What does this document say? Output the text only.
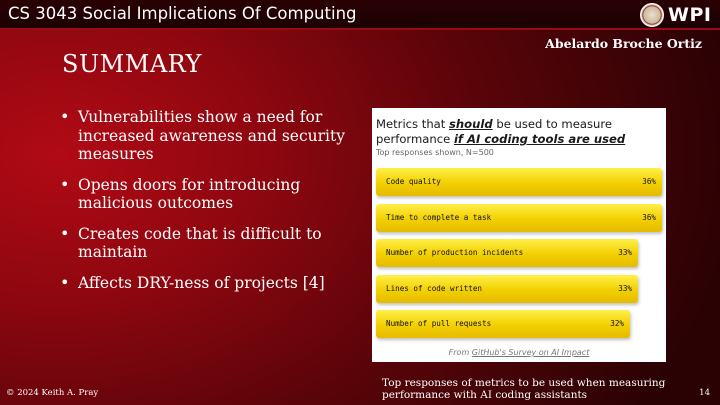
CS 3043 Social Implications Of Computing	WPI
Abelardo Broche Ortiz
SUMMARY
• Vulnerabilities show a need for increased awareness and security measures
• Opens doors for introducing malicious outcomes
• Creates code that is difficult to maintain
• Affects DRY-ness of projects [4]
Metrics that should be used to measure performance if AI coding tools are used
Top responses shown, N=500
Code quality	36%
Time to complete a task	36%
Number of production incidents	33%
Lines of code written	33%
Number of pull requests	32%
From GitHub's Survey on AI Impact
Top responses of metrics to be used when measuring performance with AI coding assistants
© 2024 Keith A. Pray	14
